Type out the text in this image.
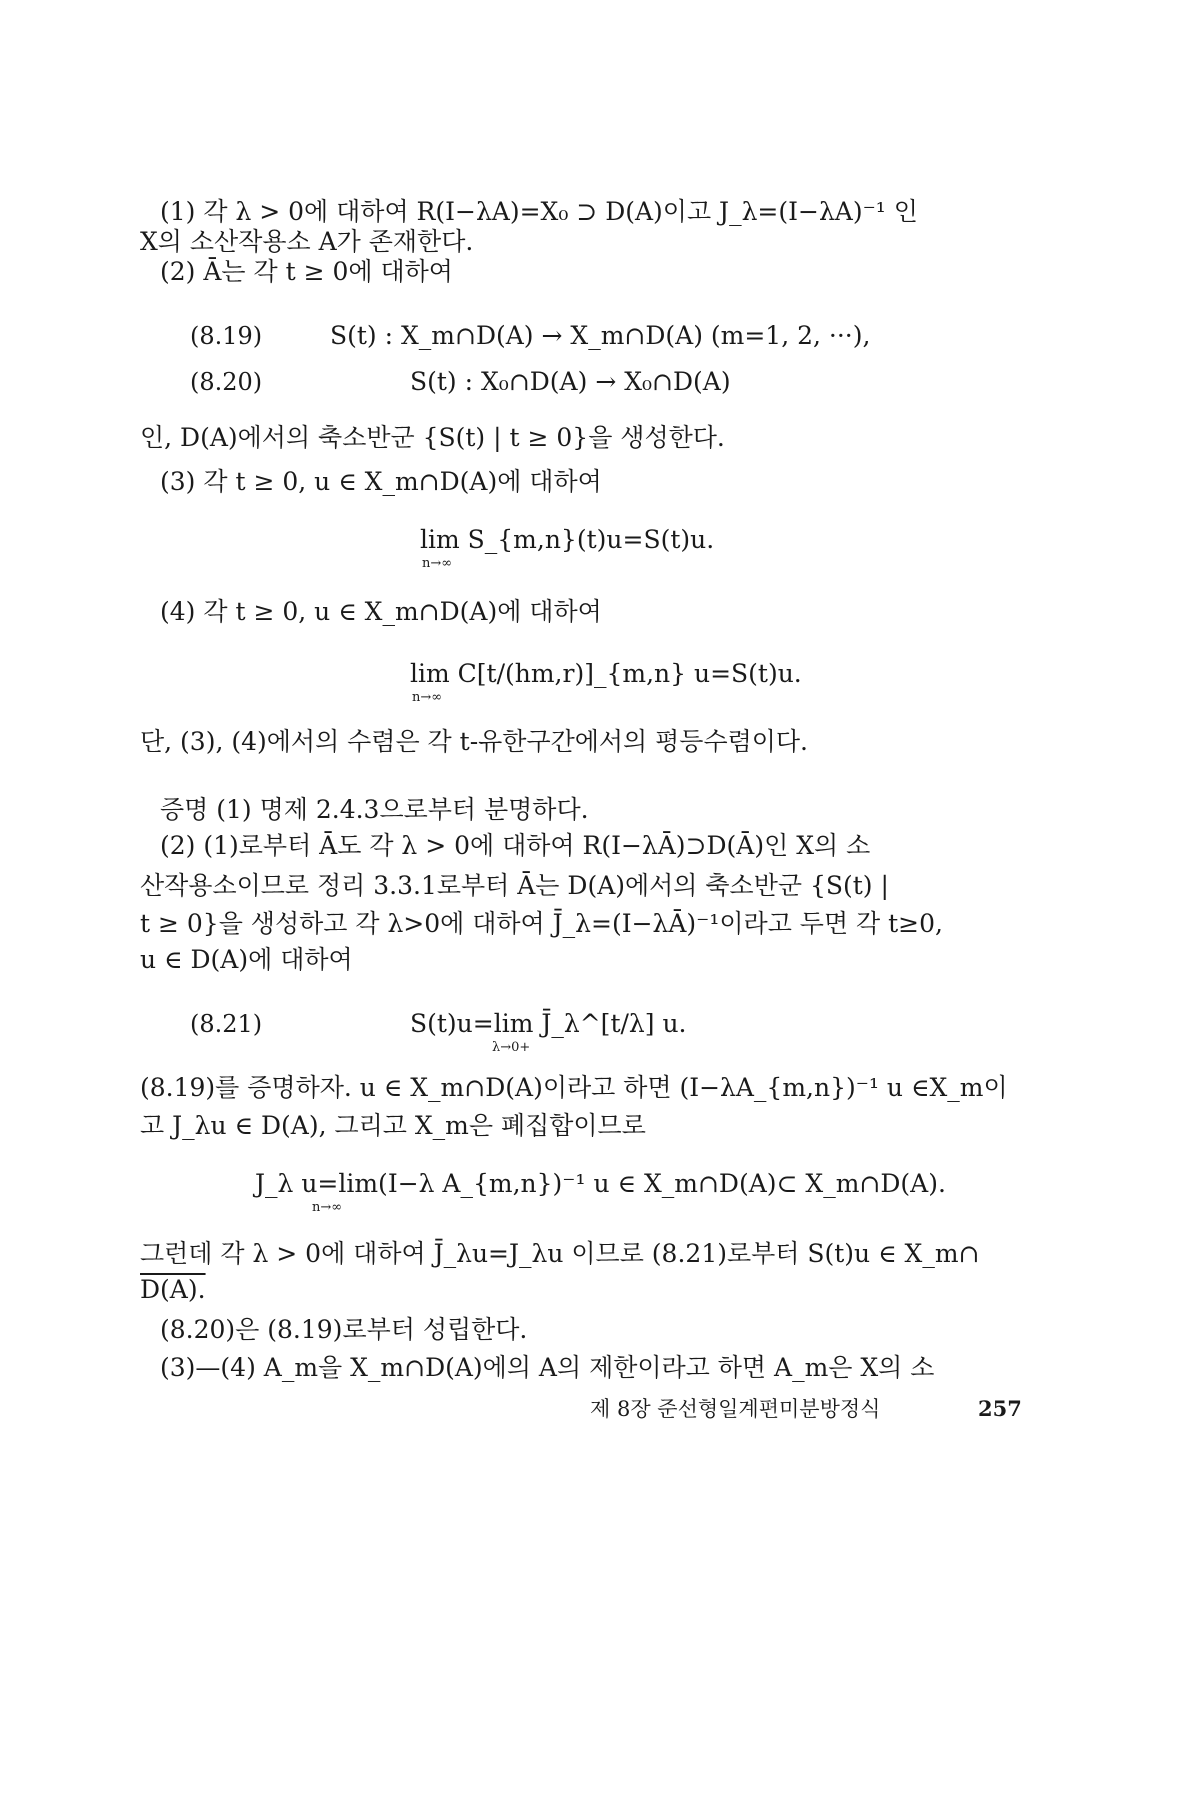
(1) 각 λ > 0에 대하여 R(I−λA)=X₀ ⊃ D(A)이고 J_λ=(I−λA)⁻¹ 인
X의 소산작용소 A가 존재한다.
(2) Ā는 각 t ≥ 0에 대하여
(8.19)	S(t) : X_m∩D(A) → X_m∩D(A) (m=1, 2, ···),
(8.20)	S(t) : X₀∩D(A) → X₀∩D(A)
인, D(A)에서의 축소반군 {S(t) | t ≥ 0}을 생성한다.
(3) 각 t ≥ 0, u ∈ X_m∩D(A)에 대하여
lim S_{m,n}(t)u=S(t)u.
n→∞
(4) 각 t ≥ 0, u ∈ X_m∩D(A)에 대하여
lim C[t/(hm,r)]_{m,n} u=S(t)u.
n→∞
단, (3), (4)에서의 수렴은 각 t-유한구간에서의 평등수렴이다.
증명 (1) 명제 2.4.3으로부터 분명하다.
(2) (1)로부터 Ā도 각 λ > 0에 대하여 R(I−λĀ)⊃D(Ā)인 X의 소
산작용소이므로 정리 3.3.1로부터 Ā는 D(A)에서의 축소반군 {S(t) |
t ≥ 0}을 생성하고 각 λ>0에 대하여 J̄_λ=(I−λĀ)⁻¹이라고 두면 각 t≥0,
u ∈ D(A)에 대하여
(8.21)	S(t)u=lim J̄_λ^[t/λ] u.
λ→0+
(8.19)를 증명하자. u ∈ X_m∩D(A)이라고 하면 (I−λA_{m,n})⁻¹ u ∈X_m이
고 J_λu ∈ D(A), 그리고 X_m은 폐집합이므로
J_λ u=lim(I−λ A_{m,n})⁻¹ u ∈ X_m∩D(A)⊂ X_m∩D(A).
n→∞
그런데 각 λ > 0에 대하여 J̄_λu=J_λu 이므로 (8.21)로부터 S(t)u ∈ X_m∩
D(A).
(8.20)은 (8.19)로부터 성립한다.
(3)—(4) A_m을 X_m∩D(A)에의 A의 제한이라고 하면 A_m은 X의 소
제 8장 준선형일계편미분방정식	257
